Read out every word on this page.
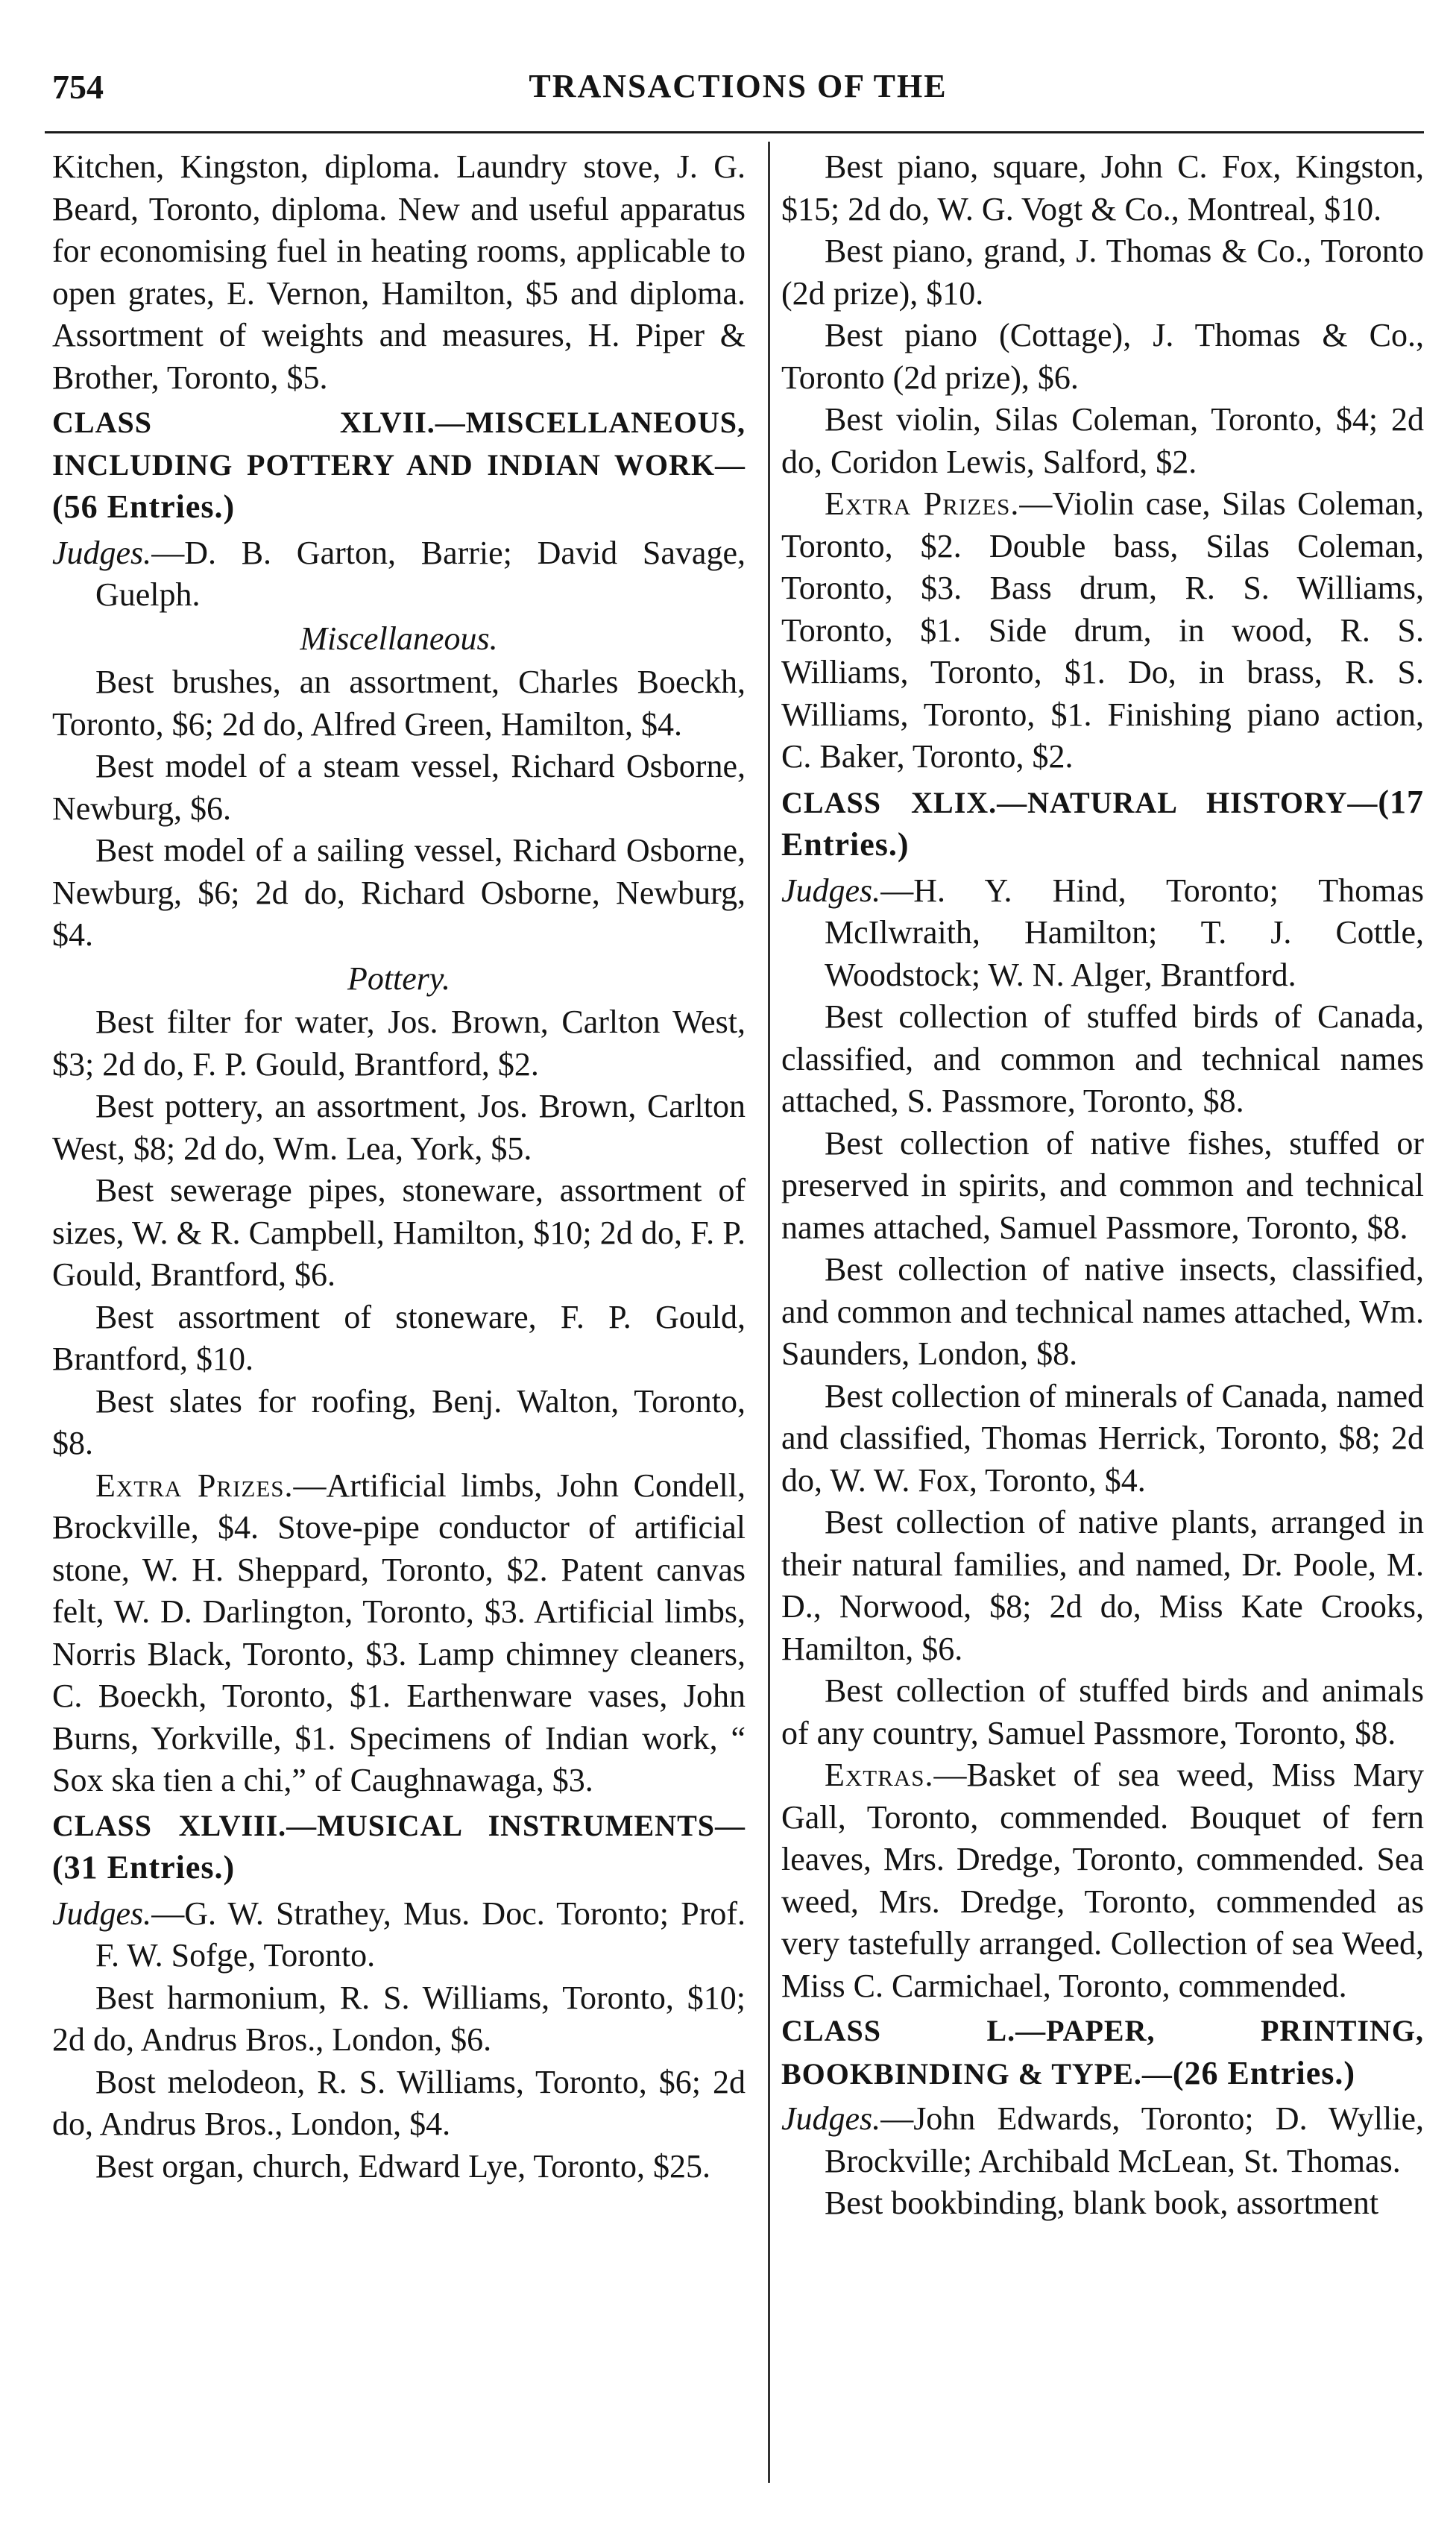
754	TRANSACTIONS OF THE

Kitchen, Kingston, diploma. Laundry stove, J. G. Beard, Toronto, diploma. New and useful apparatus for economising fuel in heating rooms, applicable to open grates, E. Vernon, Hamilton, $5 and diploma. Assortment of weights and measures, H. Piper & Brother, Toronto, $5.

CLASS XLVII.—MISCELLANEOUS, INCLUDING POTTERY AND INDIAN WORK—(56 Entries.)

Judges.—D. B. Garton, Barrie; David Savage, Guelph.

Miscellaneous.

Best brushes, an assortment, Charles Boeckh, Toronto, $6; 2d do, Alfred Green, Hamilton, $4.

Best model of a steam vessel, Richard Osborne, Newburg, $6.

Best model of a sailing vessel, Richard Osborne, Newburg, $6; 2d do, Richard Osborne, Newburg, $4.

Pottery.

Best filter for water, Jos. Brown, Carlton West, $3; 2d do, F. P. Gould, Brantford, $2.

Best pottery, an assortment, Jos. Brown, Carlton West, $8; 2d do, Wm. Lea, York, $5.

Best sewerage pipes, stoneware, assortment of sizes, W. & R. Campbell, Hamilton, $10; 2d do, F. P. Gould, Brantford, $6.

Best assortment of stoneware, F. P. Gould, Brantford, $10.

Best slates for roofing, Benj. Walton, Toronto, $8.

Extra Prizes.—Artificial limbs, John Condell, Brockville, $4. Stove-pipe conductor of artificial stone, W. H. Sheppard, Toronto, $2. Patent canvas felt, W. D. Darlington, Toronto, $3. Artificial limbs, Norris Black, Toronto, $3. Lamp chimney cleaners, C. Boeckh, Toronto, $1. Earthenware vases, John Burns, Yorkville, $1. Specimens of Indian work, “ Sox ska tien a chi,” of Caughnawaga, $3.

CLASS XLVIII.—MUSICAL INSTRUMENTS—(31 Entries.)

Judges.—G. W. Strathey, Mus. Doc. Toronto; Prof. F. W. Sofge, Toronto.

Best harmonium, R. S. Williams, Toronto, $10; 2d do, Andrus Bros., London, $6.

Bost melodeon, R. S. Williams, Toronto, $6; 2d do, Andrus Bros., London, $4.

Best organ, church, Edward Lye, Toronto, $25.

Best piano, square, John C. Fox, Kingston, $15; 2d do, W. G. Vogt & Co., Montreal, $10.

Best piano, grand, J. Thomas & Co., Toronto (2d prize), $10.

Best piano (Cottage), J. Thomas & Co., Toronto (2d prize), $6.

Best violin, Silas Coleman, Toronto, $4; 2d do, Coridon Lewis, Salford, $2.

Extra Prizes.—Violin case, Silas Coleman, Toronto, $2. Double bass, Silas Coleman, Toronto, $3. Bass drum, R. S. Williams, Toronto, $1. Side drum, in wood, R. S. Williams, Toronto, $1. Do, in brass, R. S. Williams, Toronto, $1. Finishing piano action, C. Baker, Toronto, $2.

CLASS XLIX.—NATURAL HISTORY—(17 Entries.)

Judges.—H. Y. Hind, Toronto; Thomas McIlwraith, Hamilton; T. J. Cottle, Woodstock; W. N. Alger, Brantford.

Best collection of stuffed birds of Canada, classified, and common and technical names attached, S. Passmore, Toronto, $8.

Best collection of native fishes, stuffed or preserved in spirits, and common and technical names attached, Samuel Passmore, Toronto, $8.

Best collection of native insects, classified, and common and technical names attached, Wm. Saunders, London, $8.

Best collection of minerals of Canada, named and classified, Thomas Herrick, Toronto, $8; 2d do, W. W. Fox, Toronto, $4.

Best collection of native plants, arranged in their natural families, and named, Dr. Poole, M. D., Norwood, $8; 2d do, Miss Kate Crooks, Hamilton, $6.

Best collection of stuffed birds and animals of any country, Samuel Passmore, Toronto, $8.

Extras.—Basket of sea weed, Miss Mary Gall, Toronto, commended. Bouquet of fern leaves, Mrs. Dredge, Toronto, commended. Sea weed, Mrs. Dredge, Toronto, commended as very tastefully arranged. Collection of sea Weed, Miss C. Carmichael, Toronto, commended.

CLASS L.—PAPER, PRINTING, BOOKBINDING & TYPE.—(26 Entries.)

Judges.—John Edwards, Toronto; D. Wyllie, Brockville; Archibald McLean, St. Thomas.

Best bookbinding, blank book, assortment
